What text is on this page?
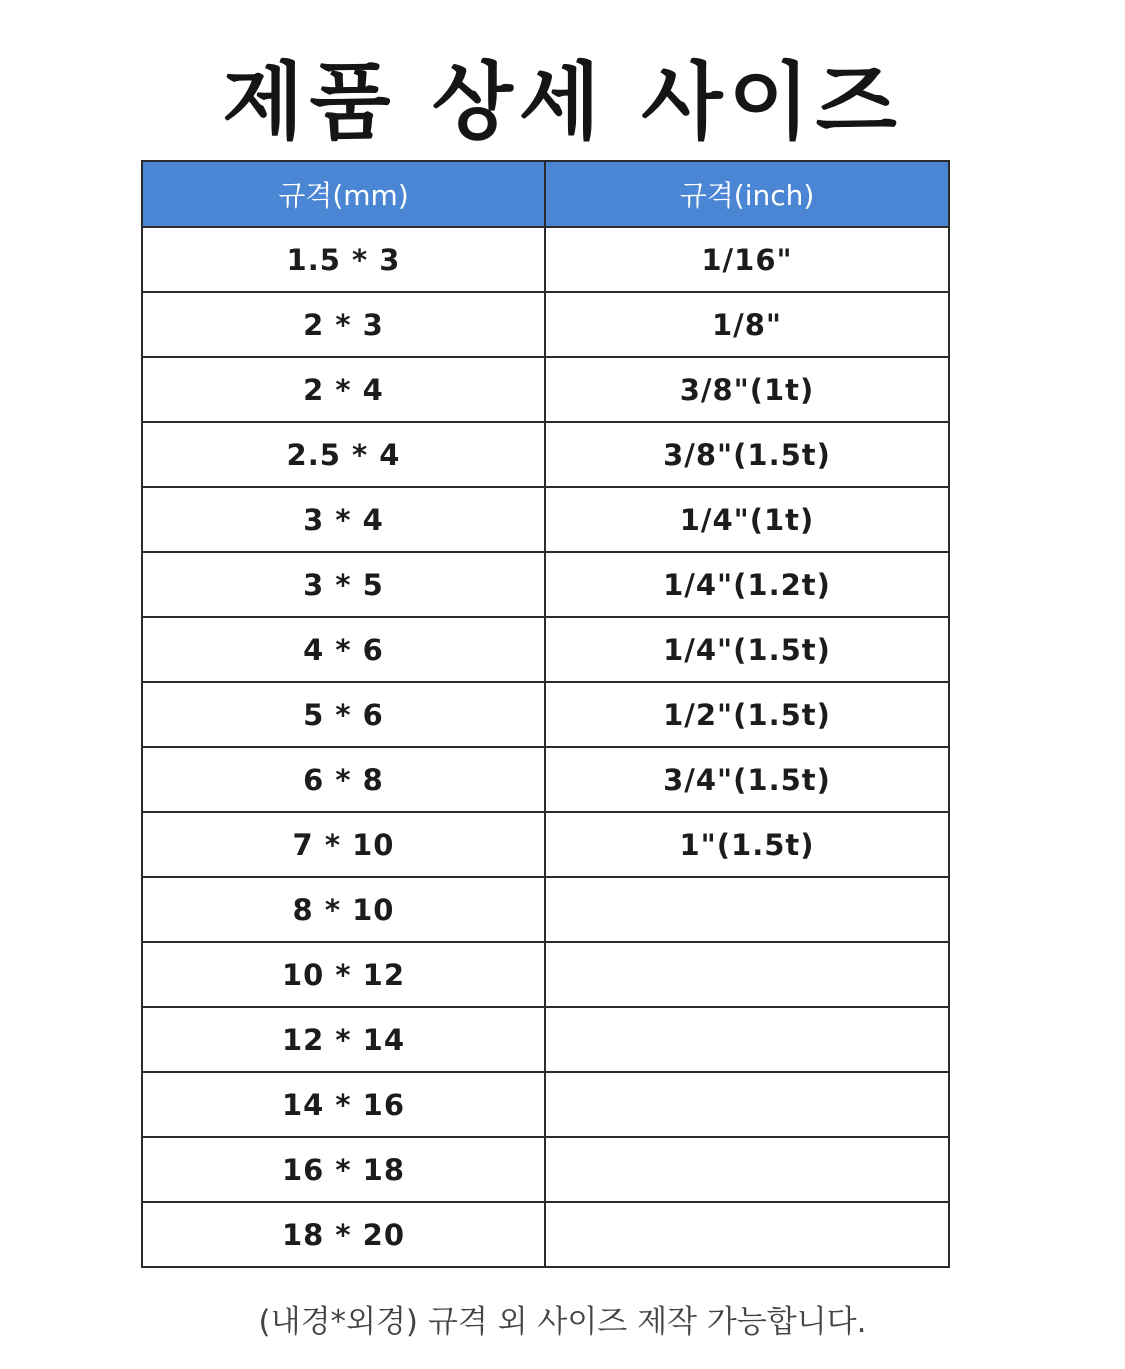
제품 상세 사이즈
규격(mm)	규격(inch)
1.5 * 3	1/16"
2 * 3	1/8"
2 * 4	3/8"(1t)
2.5 * 4	3/8"(1.5t)
3 * 4	1/4"(1t)
3 * 5	1/4"(1.2t)
4 * 6	1/4"(1.5t)
5 * 6	1/2"(1.5t)
6 * 8	3/4"(1.5t)
7 * 10	1"(1.5t)
8 * 10	
10 * 12	
12 * 14	
14 * 16	
16 * 18	
18 * 20	

(내경*외경) 규격 외 사이즈 제작 가능합니다.
